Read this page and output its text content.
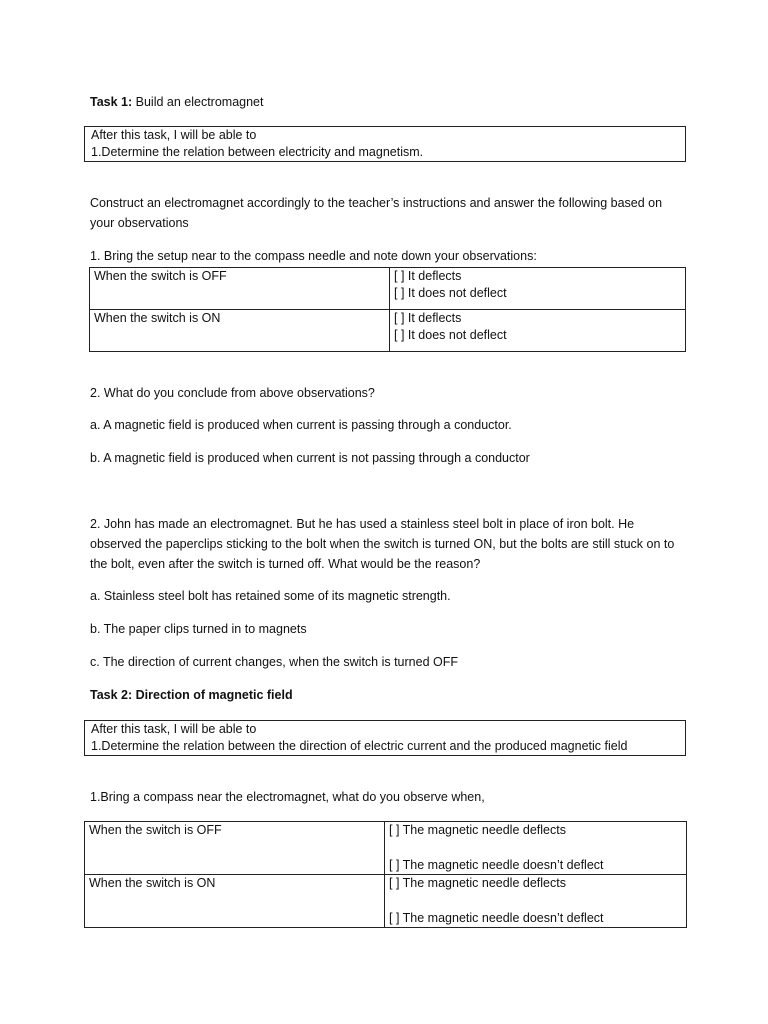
Task 1: Build an electromagnet

After this task, I will be able to
1.Determine the relation between electricity and magnetism.

Construct an electromagnet accordingly to the teacher’s instructions and answer the following based on your observations

1. Bring the setup near to the compass needle and note down your observations:

When the switch is OFF	[ ] It deflects
[ ] It does not deflect

When the switch is ON	[ ] It deflects
[ ] It does not deflect

2. What do you conclude from above observations?

a. A magnetic field is produced when current is passing through a conductor.

b. A magnetic field is produced when current is not passing through a conductor

2. John has made an electromagnet. But he has used a stainless steel bolt in place of iron bolt. He observed the paperclips sticking to the bolt when the switch is turned ON, but the bolts are still stuck on to the bolt, even after the switch is turned off. What would be the reason?

a. Stainless steel bolt has retained some of its magnetic strength.

b. The paper clips turned in to magnets

c. The direction of current changes, when the switch is turned OFF

Task 2: Direction of magnetic field

After this task, I will be able to
1.Determine the relation between the direction of electric current and the produced magnetic field

1.Bring a compass near the electromagnet, what do you observe when,

When the switch is OFF	[ ] The magnetic needle deflects
[ ] The magnetic needle doesn’t deflect

When the switch is ON	[ ] The magnetic needle deflects
[ ] The magnetic needle doesn’t deflect
